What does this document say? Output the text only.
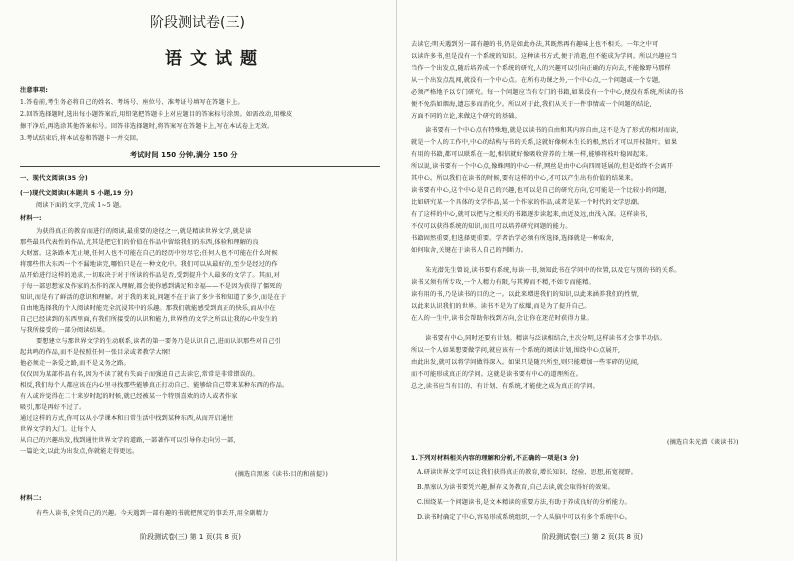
阶段测试卷(三)
语文试题
注意事项:
1.答卷前,考生务必将自己的姓名、考场号、座位号、准考证号填写在答题卡上。
2.回答选择题时,选出每小题答案后,用铅笔把答题卡上对应题目的答案标号涂黑。如需改动,用橡皮
擦干净后,再选涂其他答案标号。回答非选择题时,将答案写在答题卡上,写在本试卷上无效。
3.考试结束后,将本试卷和答题卡一并交回。
考试时间 150 分钟,满分 150 分
一、现代文阅读(35 分)
(一)现代文阅读Ⅰ(本题共 5 小题,19 分)
阅读下面的文字,完成 1~5 题。
材料一:
为获得真正的教育而进行的阅读,最重要的途径之一,就是精读世界文学,就是读
那些最具代表性的作品,尤其是把它们的价值在作品中留给我们的东西,体验和理解的良
大财富。这条路本无止境,任何人也不可能在自己的经历中穷尽它;任何人也不可能在什么时候
将那些伟大东西一个不漏地读完,哪怕只是在一种文化中。我们可以从最好的,至少是经过的作
品开始进行这样的追求,一切取决于对于所读的作品是否,受到提升个人最多的文学了。其而,对
于每一部思想家及作家的杰作的深入理解,都会使你感到满足和幸福——不是因为获得了僵死的
知识,而是有了鲜活的意识和理解。对于我的来说,问题不在于读了多少书和知道了多少,而是在于
自由地选择我的个人阅读时能完全沉浸其中的乐趣。那我们就能感受到真正的快乐,而从中在
自己已经读到的东西里面,有我们所接受的认识和能力,世界性的文学之所以让我的心中发生的
与我所接受的一部分阅读结果。
要想建立与那世界文学的生动联系,读者的第一要务乃是认识自己,进而认识那些对自己引
起共鸣的作品,而不是按照任何一张目录或者教学大纲!
他必须走一条爱之路,而不是义务之路。
仅仅因为某部作品有名,因为不读了就有失面子而强迫自己去读它,常常是非常错误的。
相反,我们每个人都应该在内心里寻找那些能够真正打动自己、能够给自己带来某种东西的作品。
有人或许觉得在二十来岁时起的时候,就已经被某一个特别喜欢的诗人或者作家
吸引,那是再好不过了。
通过这样的方式,你可以从小学课本和日常生活中找到某种东西,从而开启通往
世界文学的大门。让每个人
从自己的兴趣出发,找到通往世界文学的道路,一部著作可以引导你走向另一部,
一篇论文,以此为出发点,你就能走得更远。
(摘选自黑塞《读书:目的和前提》)
材料二:
有些人读书,全凭自己的兴趣。今天遇到一部有趣的书就把预定的事丢开,用全副精力
阶段测试卷(三) 第 1 页(共 8 页)
去读它;明天遇到另一部有趣的书,仍是如此办法,其既然再有趣味上也不相关。一年之中可
以读许多书,但是没有一个系统的知识。这种读书方式,便于消遣,但不能成为学问。所以兴趣应当
当作一个出发点,随后培养成一个系统的研究,人的兴趣可以引向正确的方向去,不能像野马那样
从一个出发点乱闯,就没有一个中心点。在所有功课之外,一个中心点,一个问题或一个专题,
必须严格地予以专门研究。每一个问题应当有专门的书籍,如果没有一个中心,便没有系统,所读的书
便不免浩如烟海,遗忘多而消化少。所以对于此,我们从关于一件事情或一个问题的结论,
方面不同的立论,来做这个研究的基础。
读书要有一个中心点有特殊地,就是以读书的自由和其内容自由,这不是为了形式的相对而读,
就是一个人的工作中,中心的结构与书的关系,这就好像树木生长的根,然后才可以开枝散叶。如果
有用的书籍,都可以联系在一起,相信就好像吸收营养的土壤一样,能够将枝叶稳固起来。
所以说,读书要有一个中心点,像蛛网的中心一样,网丝是由中心向四周延展的,但是始终不会离开
其中心。所以我们在读书的时候,要有这样的中心,才可以产生出有价值的结果来。
读书要有中心,这个中心是自己的兴趣,也可以是自己的研究方向,它可能是一个比较小的问题,
比如研究某一个具体的文学作品,某一个作家的作品,或者是某一个时代的文学思潮。
有了这样的中心,就可以把与之相关的书籍逐步读起来,由近及远,由浅入深。这样读书,
不仅可以获得系统的知识,而且可以培养研究问题的能力。
书籍固然重要,但选择更重要。学者治学必须有所选择,选择就是一种取舍,
如何取舍,关键在于读书人自己的判断力。
朱光潜先生曾说,读书要有系统,每读一书,须知此书在学问中的位置,以及它与别的书的关系。
读书又须有所专攻,一个人精力有限,与其博而不精,不如专而能精。
读有用的书,乃是读书的目的之一。以此来增进我们的知识,以此来涵养我们的性情,
以此来认识我们的世界。读书不是为了炫耀,而是为了提升自己。
在人的一生中,读书会帮助你找到方向,会让你在迷茫时获得力量。
读书要有中心,同时还要有计划。精读与泛读相结合,主次分明,这样读书才会事半功倍。
所以一个人如果想要做学问,就应该有一个系统的阅读计划,围绕中心点展开,
由此出发,就可以将学问做得深入。如果只是随兴所至,则只能增加一些零碎的见闻,
而不可能形成真正的学问。这就是读书要有中心的道理所在。
总之,读书应当有目的、有计划、有系统,才能使之成为真正的学问。
(摘选自朱光潜《谈读书》)
1.下列对材料相关内容的理解和分析,不正确的一项是(3 分)
A.研读世界文学可以让我们获得真正的教育,增长知识、经验、思想,拓宽视野。
B.黑塞认为读书要凭兴趣,摒弃义务教育,自己去读,就会取得好的效果。
C.围绕某一个问题读书,是文本精读的重要方法,有助于养成良好的分析能力。
D.读书时确定了中心,容易形成系统组织,一个人头脑中可以有多个系统中心。
阶段测试卷(三) 第 2 页(共 8 页)
